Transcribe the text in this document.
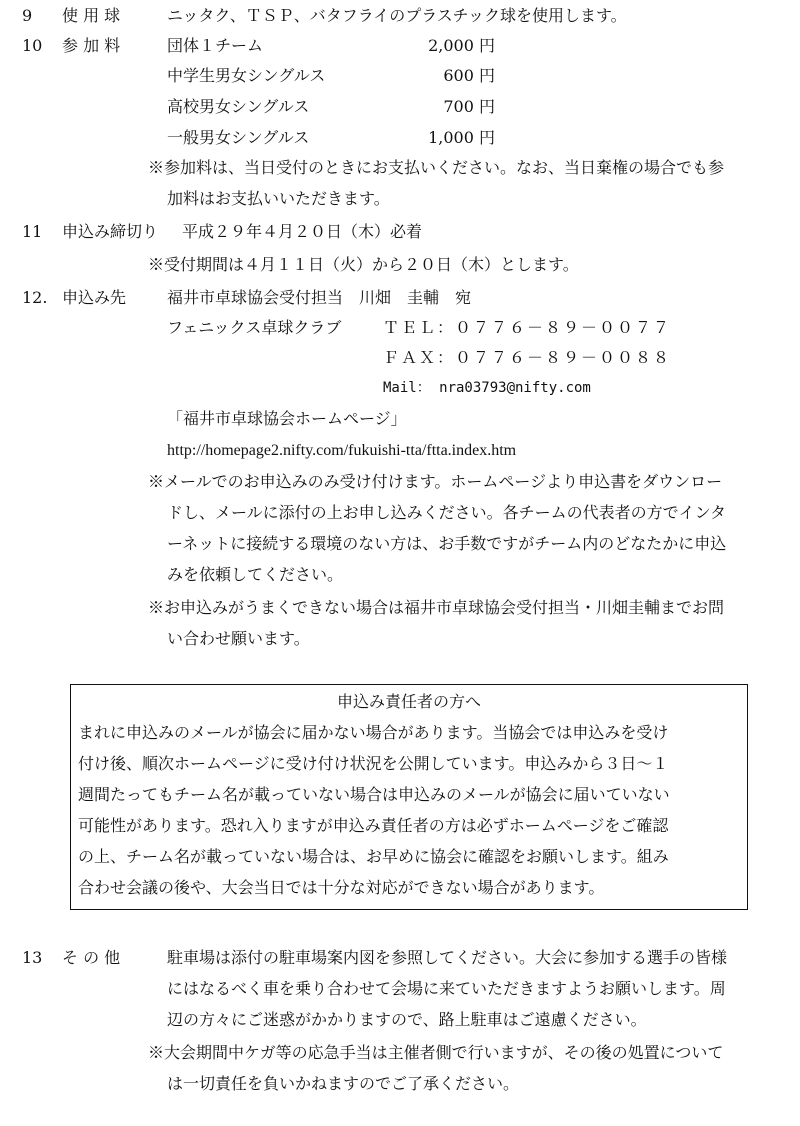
9 使 用 球	ニッタク、ＴＳＰ、バタフライのプラスチック球を使用します。
10 参 加 料	団体１チーム	2,000 円
中学生男女シングルス	600 円
高校男女シングルス	700 円
一般男女シングルス	1,000 円
※参加料は、当日受付のときにお支払いください。なお、当日棄権の場合でも参
加料はお支払いいただきます。
11 申込み締切り 平成２９年４月２０日（木）必着
※受付期間は４月１１日（火）から２０日（木）とします。
12. 申込み先	福井市卓球協会受付担当　川畑　圭輔　宛
フェニックス卓球クラブ	ＴＥＬ：０７７６－８９－００７７
ＦＡＸ：０７７６－８９－００８８
Mail： nra03793@nifty.com
「福井市卓球協会ホームページ」
http://homepage2.nifty.com/fukuishi-tta/ftta.index.htm
※メールでのお申込みのみ受け付けます。ホームページより申込書をダウンロー
ドし、メールに添付の上お申し込みください。各チームの代表者の方でインタ
ーネットに接続する環境のない方は、お手数ですがチーム内のどなたかに申込
みを依頼してください。
※お申込みがうまくできない場合は福井市卓球協会受付担当・川畑圭輔までお問
い合わせ願います。
申込み責任者の方へ
まれに申込みのメールが協会に届かない場合があります。当協会では申込みを受け
付け後、順次ホームページに受け付け状況を公開しています。申込みから３日～１
週間たってもチーム名が載っていない場合は申込みのメールが協会に届いていない
可能性があります。恐れ入りますが申込み責任者の方は必ずホームページをご確認
の上、チーム名が載っていない場合は、お早めに協会に確認をお願いします。組み
合わせ会議の後や、大会当日では十分な対応ができない場合があります。
13 そ の 他	駐車場は添付の駐車場案内図を参照してください。大会に参加する選手の皆様
にはなるべく車を乗り合わせて会場に来ていただきますようお願いします。周
辺の方々にご迷惑がかかりますので、路上駐車はご遠慮ください。
※大会期間中ケガ等の応急手当は主催者側で行いますが、その後の処置について
は一切責任を負いかねますのでご了承ください。
